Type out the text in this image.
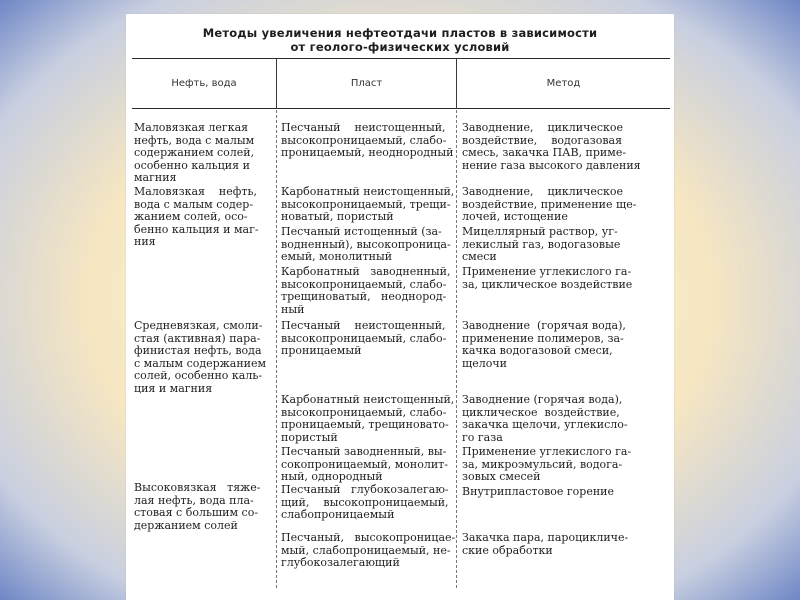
Методы увеличения нефтеотдачи пластов в зависимости
от геолого-физических условий
Нефть, вода	Пласт	Метод
Маловязкая легкая
нефть, вода с малым
содержанием солей,
особенно кальция и
магния
Маловязкая    нефть,
вода с малым содер-
жанием солей, осо-
бенно кальция и маг-
ния
Средневязкая, смоли-
стая (активная) пара-
финистая нефть, вода
с малым содержанием
солей, особенно каль-
ция и магния
Высоковязкая   тяже-
лая нефть, вода пла-
стовая с большим со-
держанием солей
Песчаный    неистощенный,
высокопроницаемый, слабо-
проницаемый, неоднородный
Карбонатный неистощенный,
высокопроницаемый, трещи-
новатый, пористый
Песчаный истощенный (за-
водненный), высокопроница-
емый, монолитный
Карбонатный   заводненный,
высокопроницаемый, слабо-
трещиноватый,   неоднород-
ный
Песчаный    неистощенный,
высокопроницаемый, слабо-
проницаемый
Карбонатный неистощенный,
высокопроницаемый, слабо-
проницаемый, трещиновато-
пористый
Песчаный заводненный, вы-
сокопроницаемый, монолит-
ный, однородный
Песчаный   глубокозалегаю-
щий,    высокопроницаемый,
слабопроницаемый
Песчаный,   высокопроницае-
мый, слабопроницаемый, не-
глубокозалегающий
Заводнение,    циклическое
воздействие,    водогазовая
смесь, закачка ПАВ, приме-
нение газа высокого давления
Заводнение,    циклическое
воздействие, применение ще-
лочей, истощение
Мицеллярный раствор, уг-
лекислый газ, водогазовые
смеси
Применение углекислого га-
за, циклическое воздействие
Заводнение  (горячая вода),
применение полимеров, за-
качка водогазовой смеси,
щелочи
Заводнение (горячая вода),
циклическое  воздействие,
закачка щелочи, углекисло-
го газа
Применение углекислого га-
за, микроэмульсий, водога-
зовых смесей
Внутрипластовое горение
Закачка пара, пароцикличе-
ские обработки
